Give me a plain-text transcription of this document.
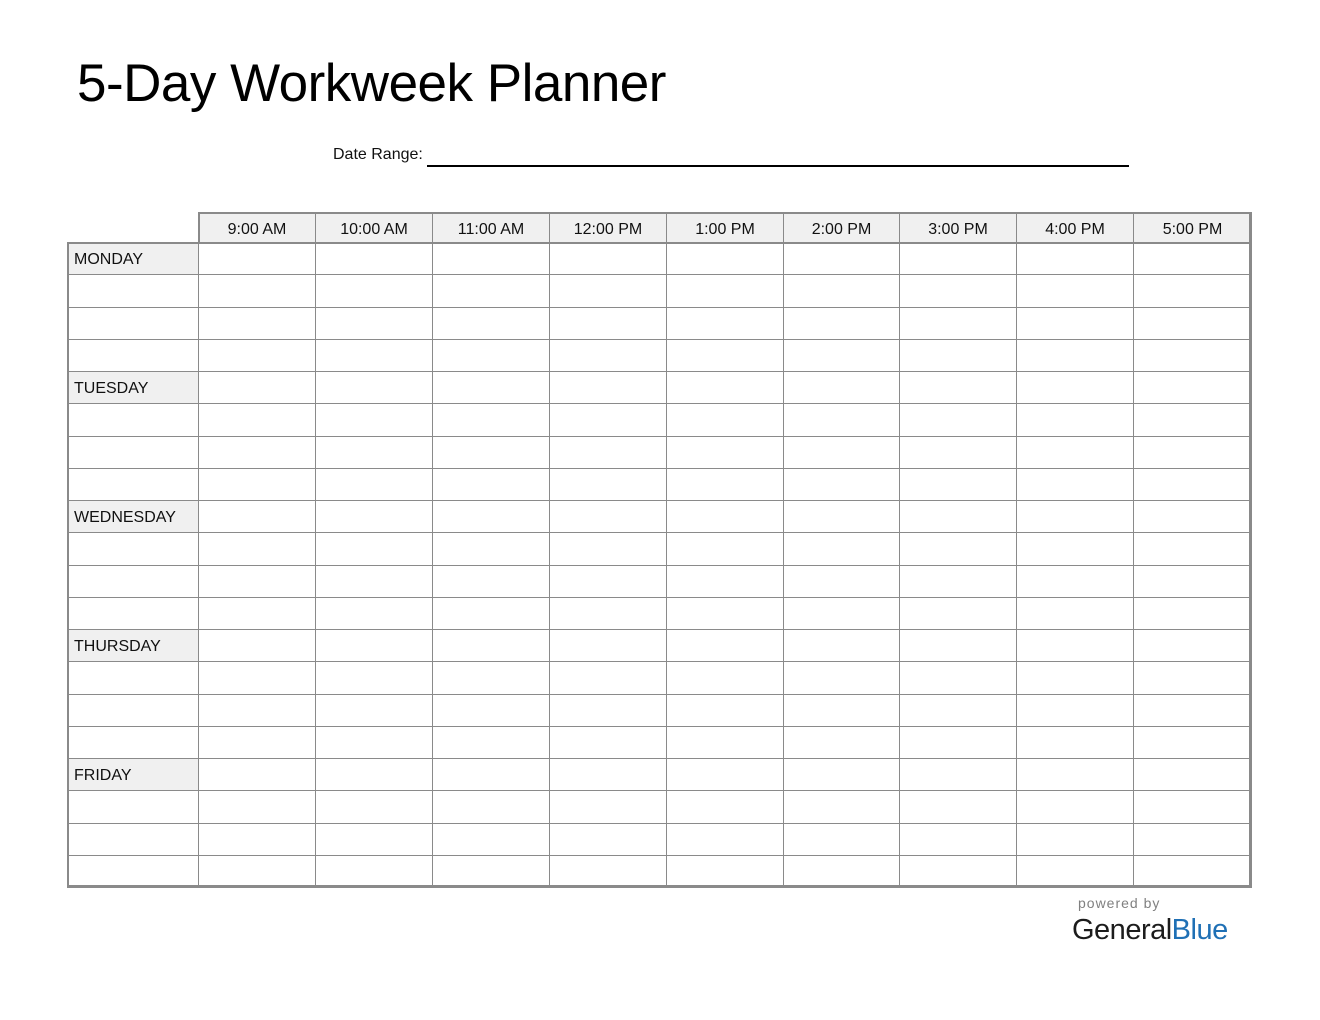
5-Day Workweek Planner
Date Range:
9:00 AM	10:00 AM	11:00 AM	12:00 PM	1:00 PM	2:00 PM	3:00 PM	4:00 PM	5:00 PM
MONDAY
TUESDAY
WEDNESDAY
THURSDAY
FRIDAY
powered by
GeneralBlue
